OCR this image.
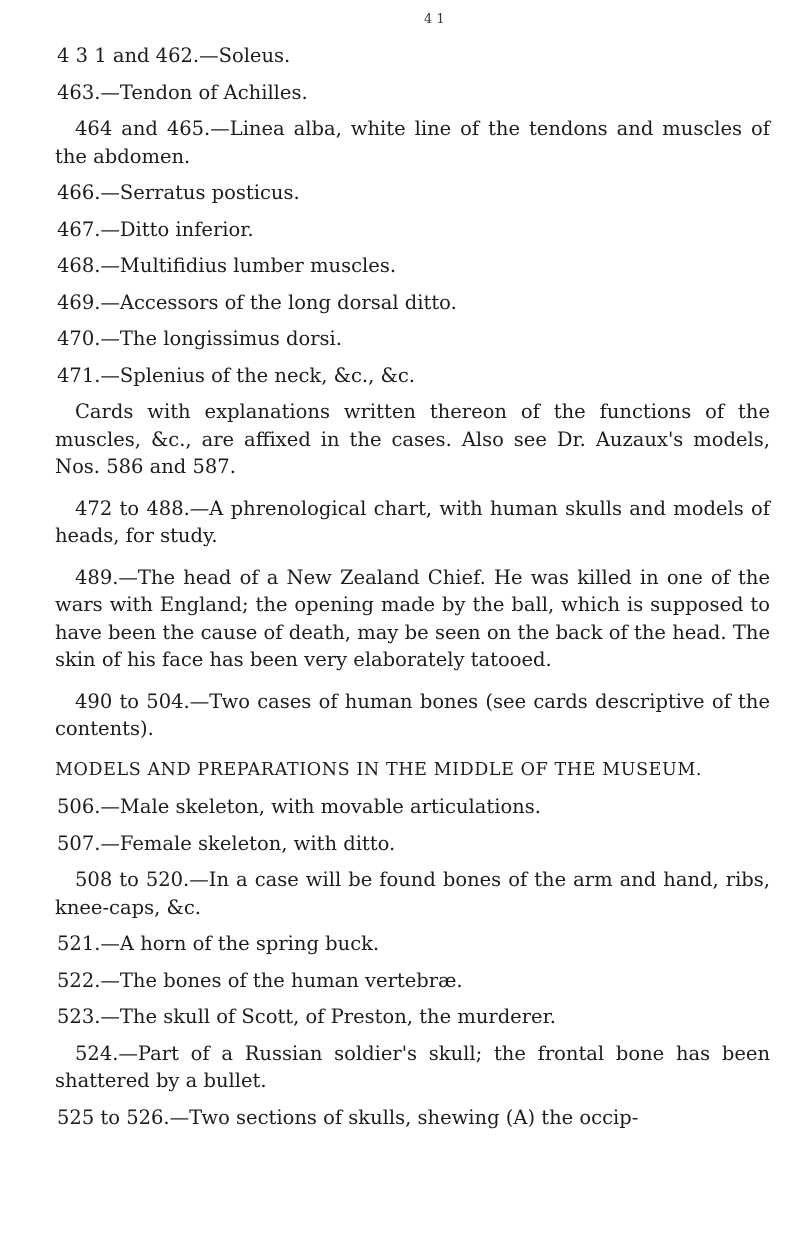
4 1

4 3 1 and 462.—Soleus.

463.—Tendon of Achilles.

464 and 465.—Linea alba, white line of the tendons and muscles of the abdomen.

466.—Serratus posticus.

467.—Ditto inferior.

468.—Multifidius lumber muscles.

469.—Accessors of the long dorsal ditto.

470.—The longissimus dorsi.

471.—Splenius of the neck, &c., &c.

Cards with explanations written thereon of the functions of the muscles, &c., are affixed in the cases. Also see Dr. Auzaux's models, Nos. 586 and 587.

472 to 488.—A phrenological chart, with human skulls and models of heads, for study.

489.—The head of a New Zealand Chief. He was killed in one of the wars with England; the opening made by the ball, which is supposed to have been the cause of death, may be seen on the back of the head. The skin of his face has been very elaborately tatooed.

490 to 504.—Two cases of human bones (see cards descriptive of the contents).

MODELS AND PREPARATIONS IN THE MIDDLE OF THE MUSEUM.

506.—Male skeleton, with movable articulations.

507.—Female skeleton, with ditto.

508 to 520.—In a case will be found bones of the arm and hand, ribs, knee-caps, &c.

521.—A horn of the spring buck.

522.—The bones of the human vertebræ.

523.—The skull of Scott, of Preston, the murderer.

524.—Part of a Russian soldier's skull; the frontal bone has been shattered by a bullet.

525 to 526.—Two sections of skulls, shewing (A) the occip-
